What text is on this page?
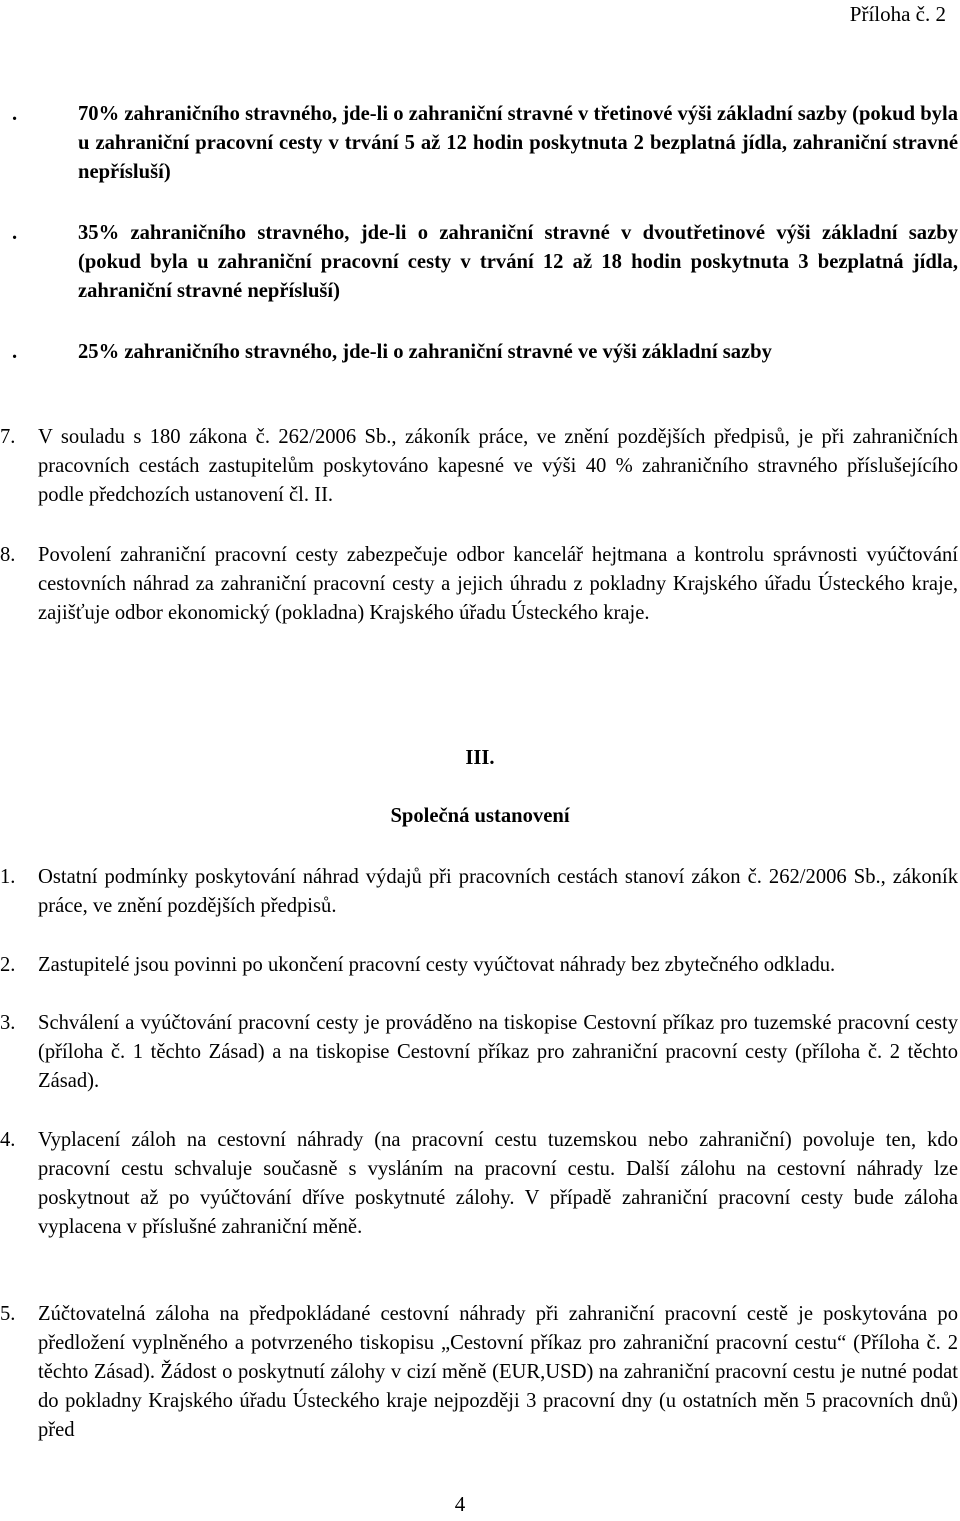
Příloha č. 2
.	70% zahraničního stravného, jde-li o zahraniční stravné v třetinové výši základní sazby (pokud byla u zahraniční pracovní cesty v trvání 5 až 12 hodin poskytnuta 2 bezplatná jídla, zahraniční stravné nepřísluší)
.	35% zahraničního stravného, jde-li o zahraniční stravné v dvoutřetinové výši základní sazby (pokud byla u zahraniční pracovní cesty v trvání 12 až 18 hodin poskytnuta 3 bezplatná jídla, zahraniční stravné nepřísluší)
.	25% zahraničního stravného, jde-li o zahraniční stravné ve výši základní sazby
7. V souladu s 180 zákona č. 262/2006 Sb., zákoník práce, ve znění pozdějších předpisů, je při zahraničních pracovních cestách zastupitelům poskytováno kapesné ve výši 40 % zahraničního stravného příslušejícího podle předchozích ustanovení čl. II.
8. Povolení zahraniční pracovní cesty zabezpečuje odbor kancelář hejtmana a kontrolu správnosti vyúčtování cestovních náhrad za zahraniční pracovní cesty a jejich úhradu z pokladny Krajského úřadu Ústeckého kraje, zajišťuje odbor ekonomický (pokladna) Krajského úřadu Ústeckého kraje.
III.
Společná ustanovení
1. Ostatní podmínky poskytování náhrad výdajů při pracovních cestách stanoví zákon č. 262/2006 Sb., zákoník práce, ve znění pozdějších předpisů.
2. Zastupitelé jsou povinni po ukončení pracovní cesty vyúčtovat náhrady bez zbytečného odkladu.
3. Schválení a vyúčtování pracovní cesty je prováděno na tiskopise Cestovní příkaz pro tuzemské pracovní cesty (příloha č. 1 těchto Zásad) a na tiskopise Cestovní příkaz pro zahraniční pracovní cesty (příloha č. 2 těchto Zásad).
4. Vyplacení záloh na cestovní náhrady (na pracovní cestu tuzemskou nebo zahraniční) povoluje ten, kdo pracovní cestu schvaluje současně s vysláním na pracovní cestu. Další zálohu na cestovní náhrady lze poskytnout až po vyúčtování dříve poskytnuté zálohy. V případě zahraniční pracovní cesty bude záloha vyplacena v příslušné zahraniční měně.
5. Zúčtovatelná záloha na předpokládané cestovní náhrady při zahraniční pracovní cestě je poskytována po předložení vyplněného a potvrzeného tiskopisu „Cestovní příkaz pro zahraniční pracovní cestu“ (Příloha č. 2 těchto Zásad). Žádost o poskytnutí zálohy v cizí měně (EUR,USD) na zahraniční pracovní cestu je nutné podat do pokladny Krajského úřadu Ústeckého kraje nejpozději 3 pracovní dny (u ostatních měn 5 pracovních dnů) před
4
